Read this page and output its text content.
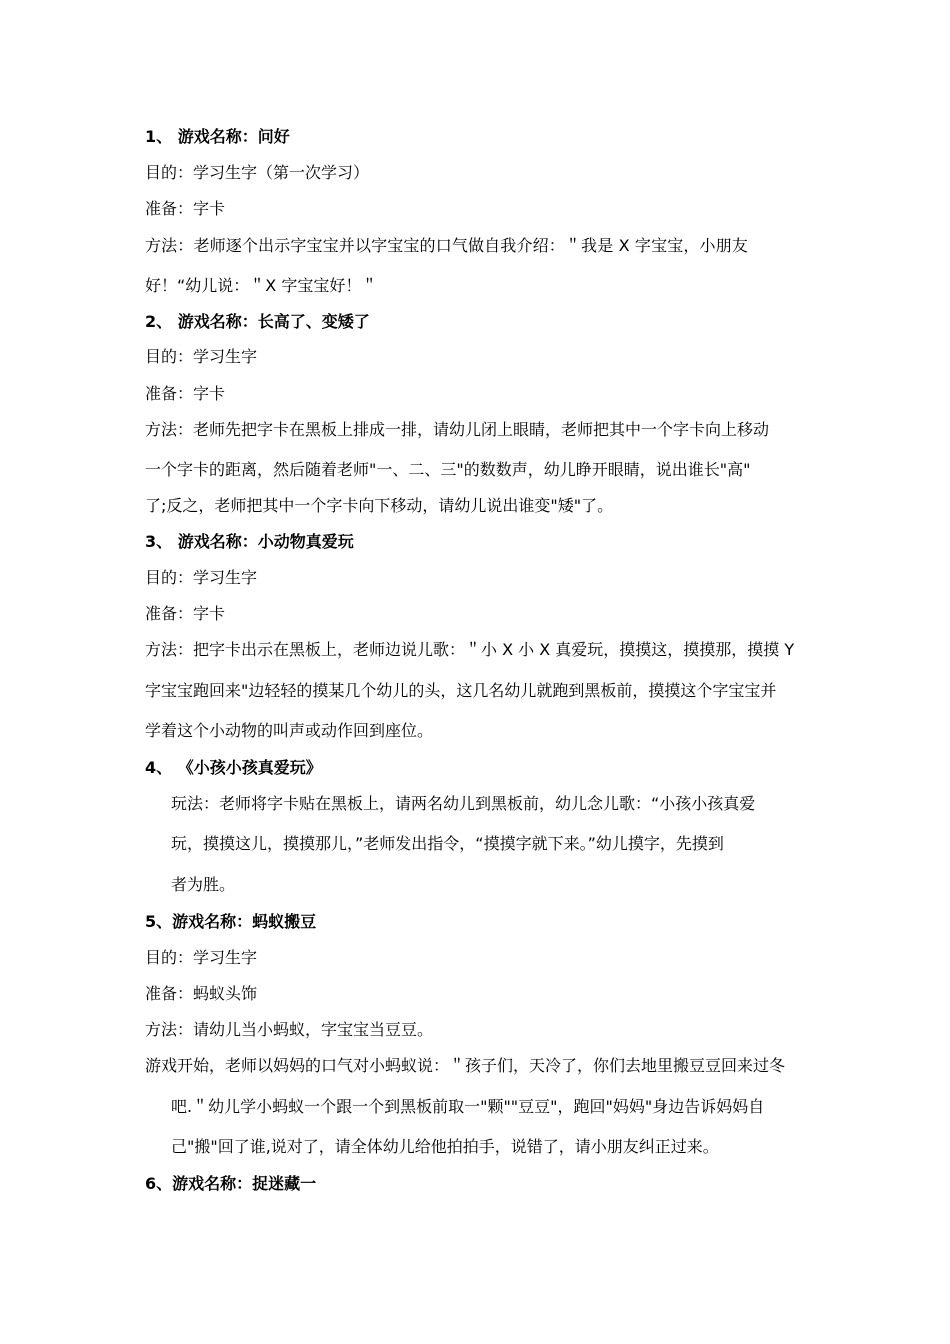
1、 游戏名称：问好
目的：学习生字（第一次学习）
准备：字卡
方法：老师逐个出示字宝宝并以字宝宝的口气做自我介绍：＂我是 X 字宝宝，小朋友
好！“幼儿说：＂X 字宝宝好！＂
2、 游戏名称：长高了、变矮了
目的：学习生字
准备：字卡
方法：老师先把字卡在黑板上排成一排，请幼儿闭上眼睛，老师把其中一个字卡向上移动
一个字卡的距离，然后随着老师"一、二、三"的数数声，幼儿睁开眼睛，说出谁长"高"
了;反之，老师把其中一个字卡向下移动，请幼儿说出谁变"矮"了。
3、 游戏名称：小动物真爱玩
目的：学习生字
准备：字卡
方法：把字卡出示在黑板上，老师边说儿歌：＂小 X 小 X 真爱玩，摸摸这，摸摸那，摸摸 Y
字宝宝跑回来"边轻轻的摸某几个幼儿的头，这几名幼儿就跑到黑板前，摸摸这个字宝宝并
学着这个小动物的叫声或动作回到座位。
4、 《小孩小孩真爱玩》
玩法：老师将字卡贴在黑板上，请两名幼儿到黑板前，幼儿念儿歌：“小孩小孩真爱
玩，摸摸这儿，摸摸那儿，”老师发出指令，“摸摸字就下来。”幼儿摸字，先摸到
者为胜。
5、游戏名称：蚂蚁搬豆
目的：学习生字
准备：蚂蚁头饰
方法：请幼儿当小蚂蚁，字宝宝当豆豆。
游戏开始，老师以妈妈的口气对小蚂蚁说：＂孩子们，天冷了，你们去地里搬豆豆回来过冬
吧.＂幼儿学小蚂蚁一个跟一个到黑板前取一"颗""豆豆"，跑回"妈妈"身边告诉妈妈自
己"搬"回了谁,说对了，请全体幼儿给他拍拍手，说错了，请小朋友纠正过来。
6、游戏名称：捉迷藏一
